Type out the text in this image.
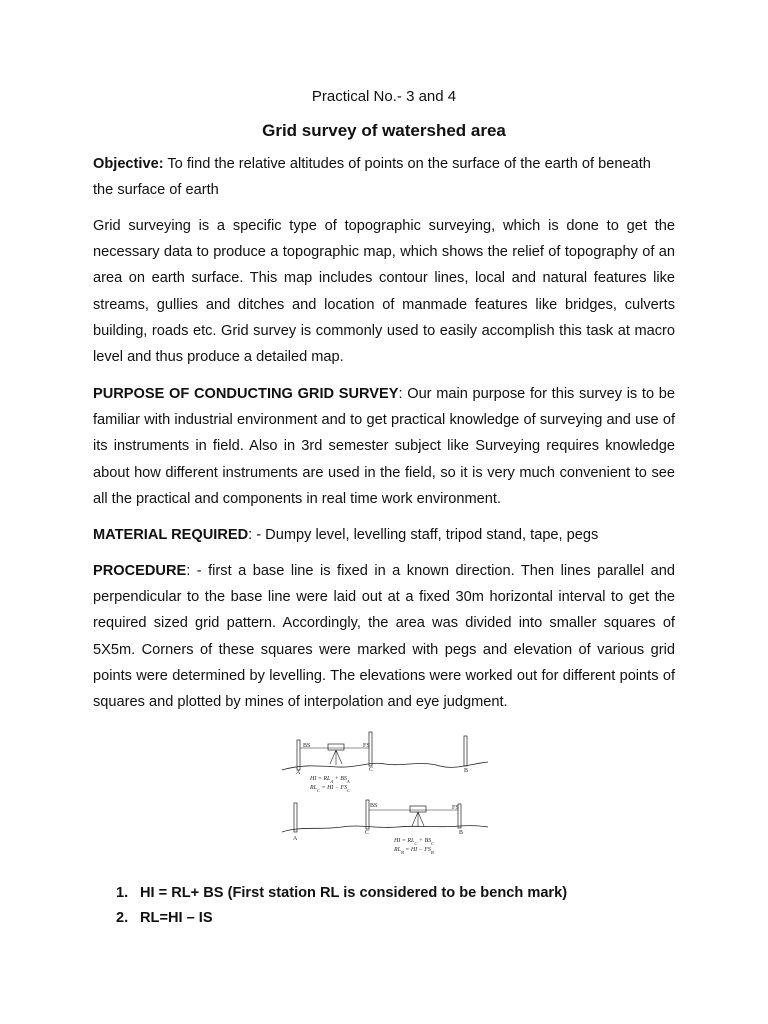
Practical No.- 3 and 4
Grid survey of watershed area
Objective: To find the relative altitudes of points on the surface of the earth of beneath the surface of earth
Grid surveying is a specific type of topographic surveying, which is done to get the necessary data to produce a topographic map, which shows the relief of topography of an area on earth surface. This map includes contour lines, local and natural features like streams, gullies and ditches and location of manmade features like bridges, culverts building, roads etc. Grid survey is commonly used to easily accomplish this task at macro level and thus produce a detailed map.
PURPOSE OF CONDUCTING GRID SURVEY: Our main purpose for this survey is to be familiar with industrial environment and to get practical knowledge of surveying and use of its instruments in field. Also in 3rd semester subject like Surveying requires knowledge about how different instruments are used in the field, so it is very much convenient to see all the practical and components in real time work environment.
MATERIAL REQUIRED: - Dumpy level, levelling staff, tripod stand, tape, pegs
PROCEDURE: - first a base line is fixed in a known direction. Then lines parallel and perpendicular to the base line were laid out at a fixed 30m horizontal interval to get the required sized grid pattern. Accordingly, the area was divided into smaller squares of 5X5m. Corners of these squares were marked with pegs and elevation of various grid points were determined by levelling. The elevations were worked out for different points of squares and plotted by mines of interpolation and eye judgment.
BS	FS
A	C	B
HI = $RL_A + BS_A$
$RL_C$ = HI − $FS_C$
BS	FS
A
C	B
HI = $RL_C + BS_C$
$RL_B$ = HI − $FS_B$
1. HI = RL+ BS (First station RL is considered to be bench mark)
2. RL=HI – IS
